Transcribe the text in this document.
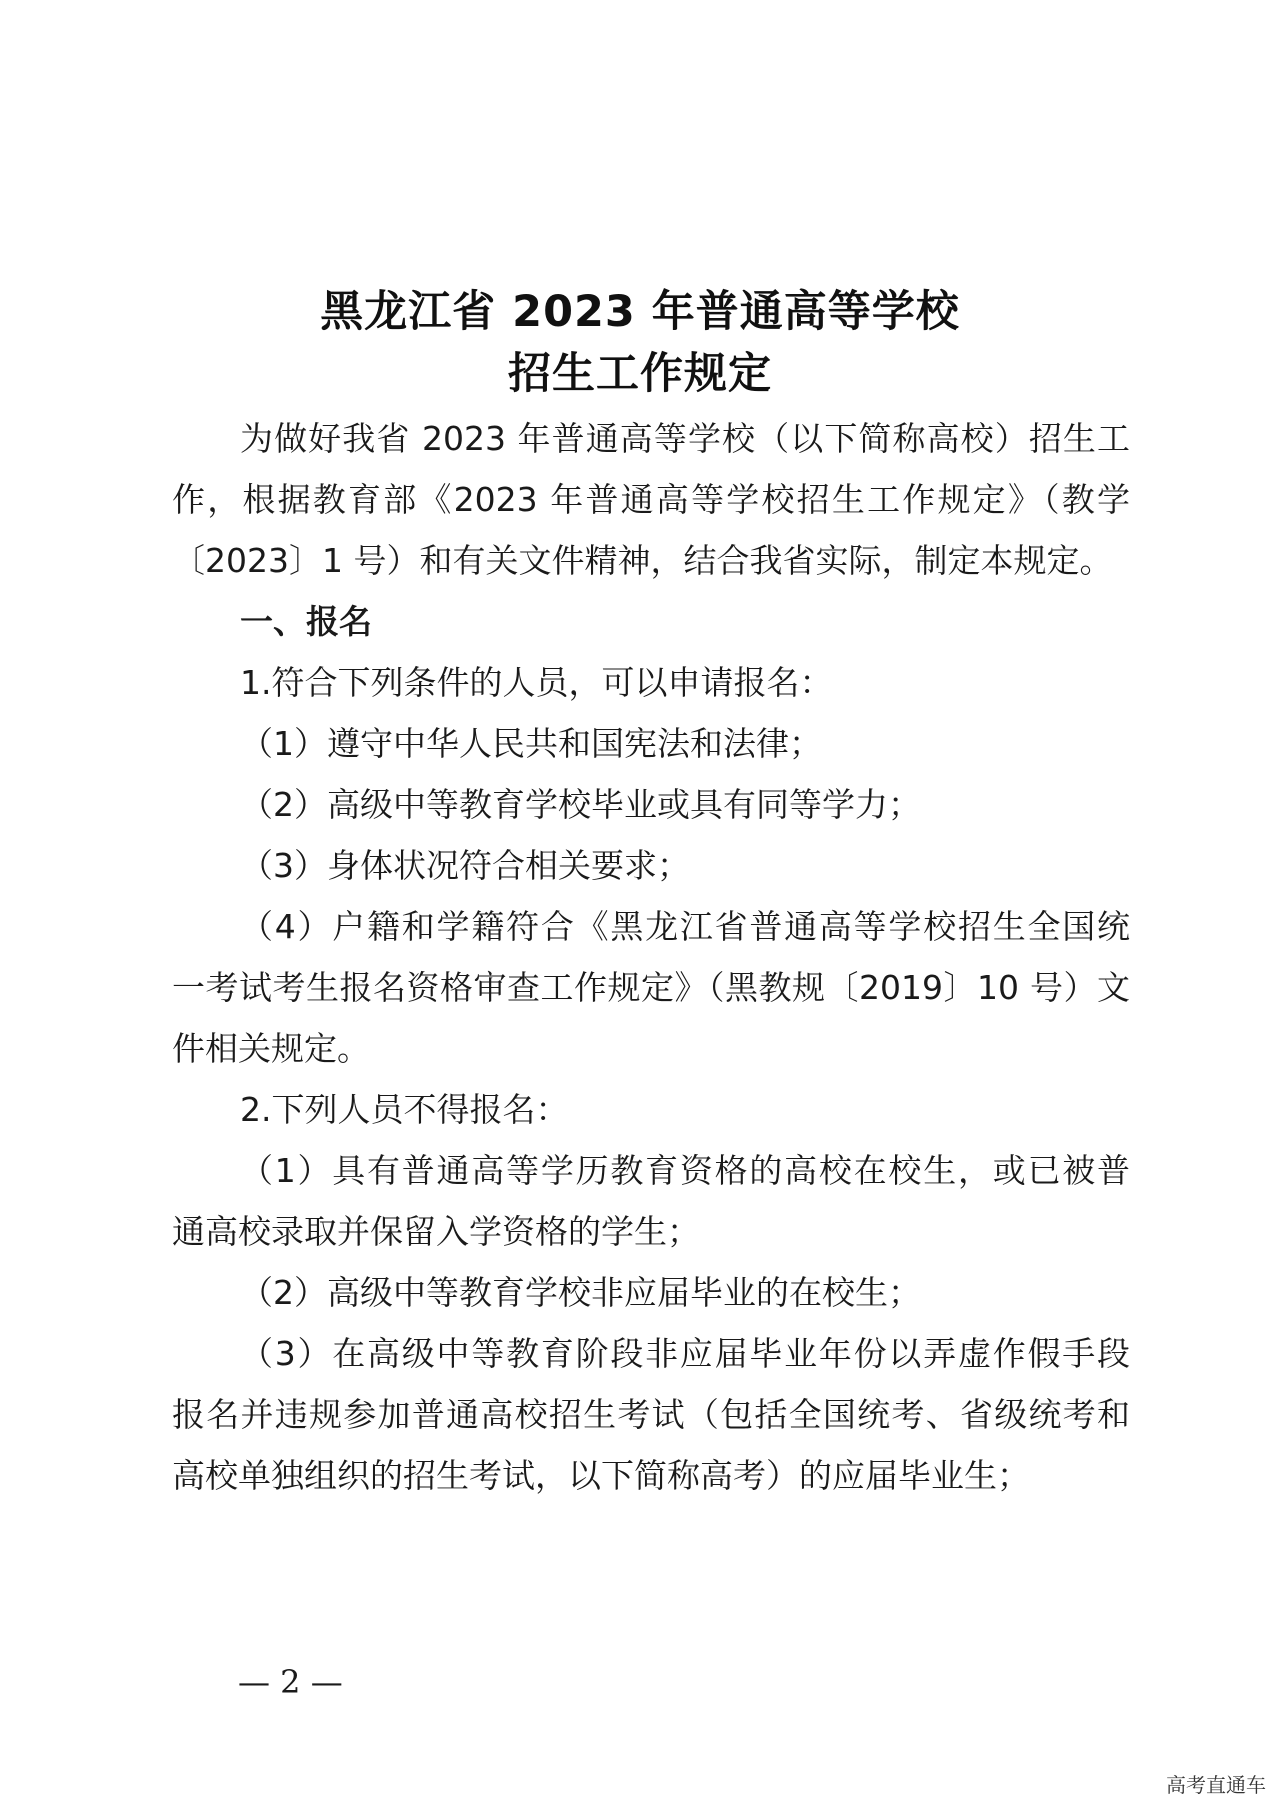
黑龙江省 2023 年普通高等学校
招生工作规定
为做好我省 2023 年普通高等学校（以下简称高校）招生工
作，根据教育部《2023 年普通高等学校招生工作规定》（教学
〔2023〕1 号）和有关文件精神，结合我省实际，制定本规定。
一、报名
1.符合下列条件的人员，可以申请报名：
（1）遵守中华人民共和国宪法和法律；
（2）高级中等教育学校毕业或具有同等学力；
（3）身体状况符合相关要求；
（4）户籍和学籍符合《黑龙江省普通高等学校招生全国统
一考试考生报名资格审查工作规定》（黑教规〔2019〕10 号）文
件相关规定。
2.下列人员不得报名：
（1）具有普通高等学历教育资格的高校在校生，或已被普
通高校录取并保留入学资格的学生；
（2）高级中等教育学校非应届毕业的在校生；
（3）在高级中等教育阶段非应届毕业年份以弄虚作假手段
报名并违规参加普通高校招生考试（包括全国统考、省级统考和
高校单独组织的招生考试，以下简称高考）的应届毕业生；
— 2 —
高考直通车
